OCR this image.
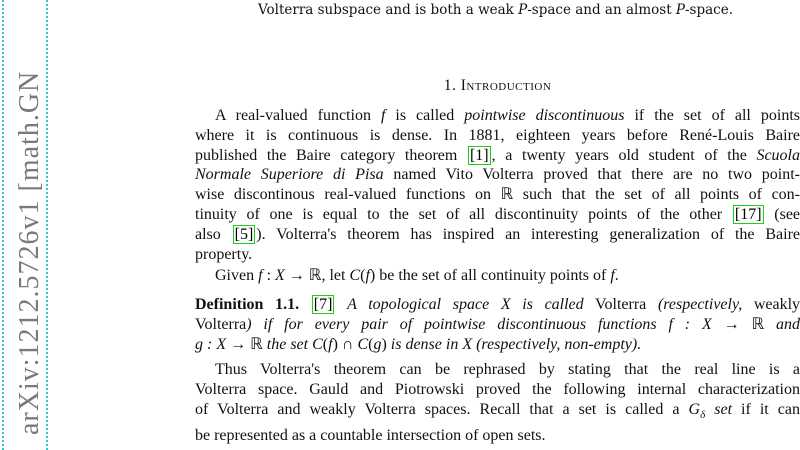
arXiv:1212.5726v1 [math.GN
Volterra subspace and is both a weak P-space and an almost P-space.
1. Introduction
A real-valued function f is called pointwise discontinuous if the set of all points
where it is continuous is dense. In 1881, eighteen years before René-Louis Baire
published the Baire category theorem [1] , a twenty years old student of the Scuola
Normale Superiore di Pisa named Vito Volterra proved that there are no two point-
wise discontinous real-valued functions on ℝ such that the set of all points of con-
tinuity of one is equal to the set of all discontinuity points of the other [17] (see
also [5] ). Volterra's theorem has inspired an interesting generalization of the Baire
property.
Given f : X → ℝ, let C(f) be the set of all continuity points of f.
Definition 1.1. [7] A topological space X is called Volterra (respectively, weakly
Volterra) if for every pair of pointwise discontinuous functions f : X → ℝ and
g : X → ℝ the set C(f) ∩ C(g) is dense in X (respectively, non-empty).
Thus Volterra's theorem can be rephrased by stating that the real line is a
Volterra space. Gauld and Piotrowski proved the following internal characterization
of Volterra and weakly Volterra spaces. Recall that a set is called a $G_\delta$ set if it can
be represented as a countable intersection of open sets.
